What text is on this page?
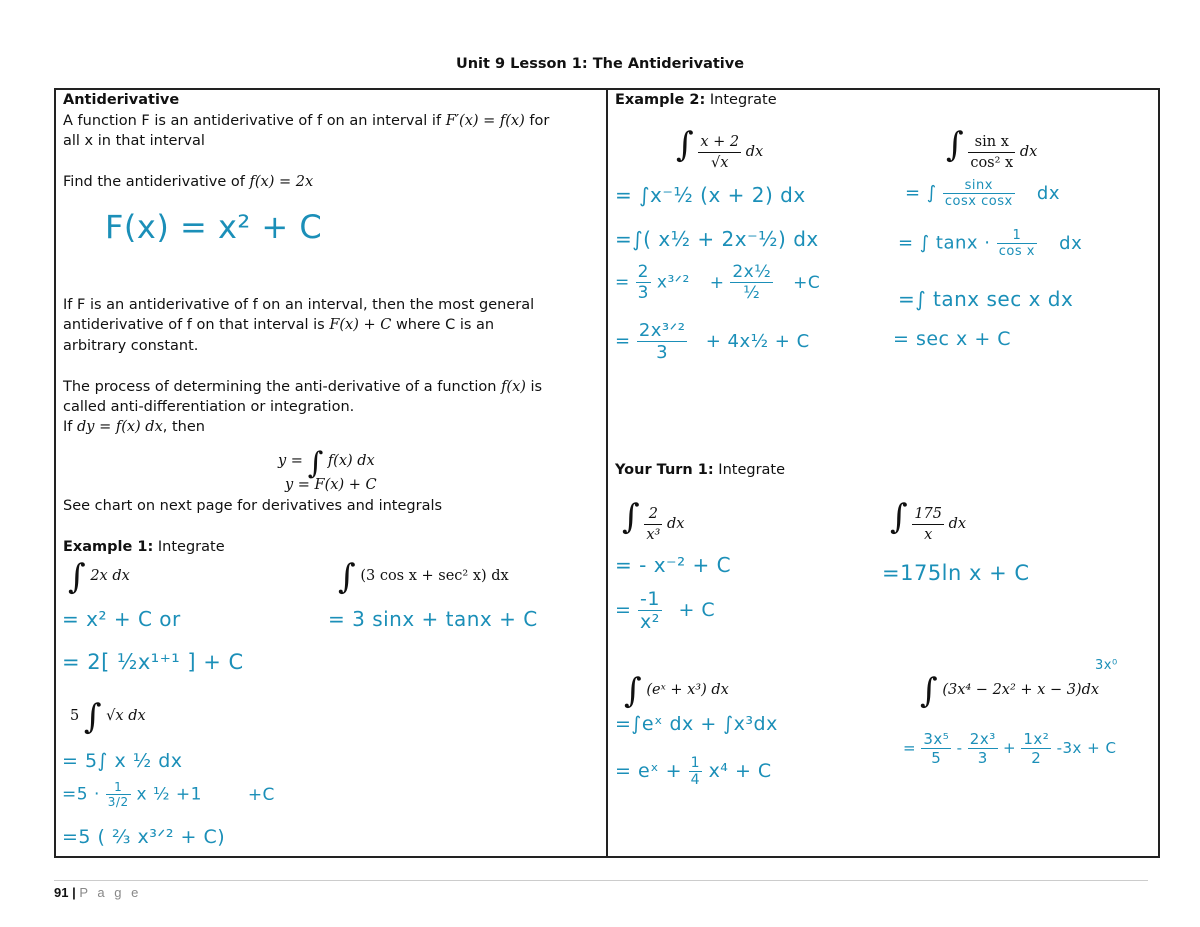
Unit 9 Lesson 1: The Antiderivative
Antiderivative
A function F is an antiderivative of f on an interval if F′(x) = f(x) for
all x in that interval
Find the antiderivative of f(x) = 2x
F(x) = x² + C
If F is an antiderivative of f on an interval, then the most general
antiderivative of f on that interval is F(x) + C where C is an
arbitrary constant.
The process of determining the anti-derivative of a function f(x) is
called anti-differentiation or integration.
If dy = f(x) dx, then
y = ∫ f(x) dx
y = F(x) + C
See chart on next page for derivatives and integrals
Example 1: Integrate
∫ 2x dx
= x² + C or
= 2[ ½x¹⁺¹ ] + C
∫ (3 cos x + sec² x) dx
= 3 sinx + tanx + C
5 ∫ √x dx
= 5∫ x ½ dx
$=5 \cdot \frac{1}{3/2}$ x ½ +1	+C
=5 ( ⅔ x³ᐟ² + C)
Example 2: Integrate
∫ $\frac{x + 2}{√x}$ dx
= ∫x⁻½ (x + 2) dx
=∫( x½ + 2x⁻½) dx
= $\frac{2}{3}$ x³ᐟ² + $\frac{\text{2x½}}{\text{½}} +C$
= $\frac{\text{2x³ᐟ²}}{3}$ + 4x½ + C
∫ $\frac{\text{sin x}}{\text{cos² x}}$ dx
= ∫ $\frac{\sin x}{\text{cosx cosx}}$ dx
= ∫ $\tan x \cdot \frac{1}{\text{cos x}}$ dx
=∫ tanx sec x dx
= sec x + C
Your Turn 1: Integrate
∫ $\frac{2}{\text{x³}}$ dx
= - x⁻² + C
= $\frac{-1}{\text{x²}} + C$
∫ $\frac{175}{x}$ dx
=175ln x + C
∫ (eˣ + x³) dx
=∫eˣ dx + ∫x³dx
= eˣ + $\frac{1}{4} x^4 + C$
3x⁰
∫ (3x⁴ − 2x² + x − 3)dx
= $\frac{\text{3x⁵}}{5} - \frac{\text{2x³}}{3} + \frac{\text{1x²}}{2} -3x + C$
91 | P a g e
